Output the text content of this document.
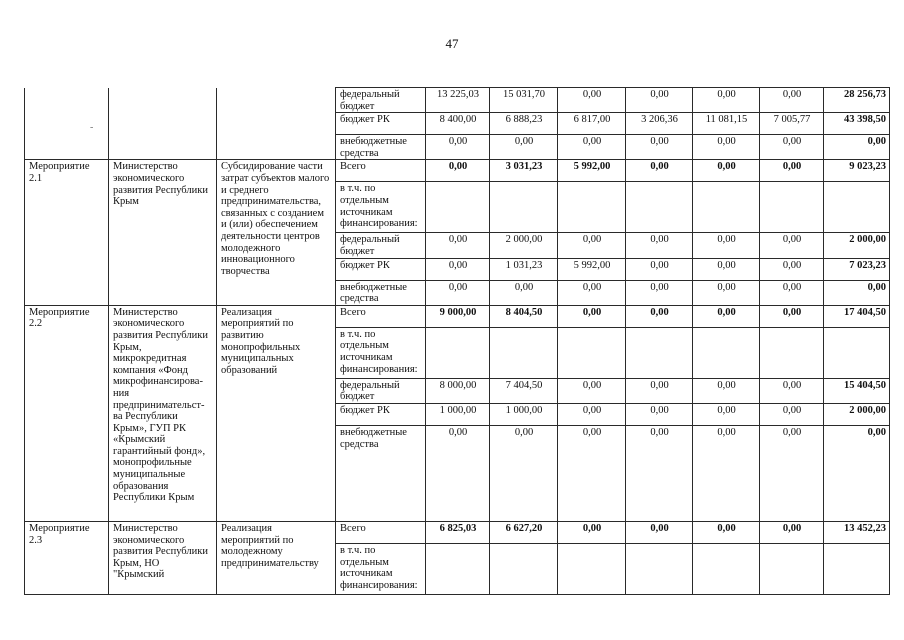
47
-
			федеральный бюджет	13 225,03	15 031,70	0,00	0,00	0,00	0,00	28 256,73
			бюджет РК	8 400,00	6 888,23	6 817,00	3 206,36	11 081,15	7 005,77	43 398,50
			внебюджетные средства	0,00	0,00	0,00	0,00	0,00	0,00	0,00
Мероприятие 2.1	Министерство экономического развития Республики Крым	Субсидирование части затрат субъектов малого и среднего предпринимательства, связанных с созданием и (или) обеспечением деятельности центров молодежного инновационного творчества	Всего	0,00	3 031,23	5 992,00	0,00	0,00	0,00	9 023,23
			в т.ч. по отдельным источникам финансирования:							
			федеральный бюджет	0,00	2 000,00	0,00	0,00	0,00	0,00	2 000,00
			бюджет РК	0,00	1 031,23	5 992,00	0,00	0,00	0,00	7 023,23
			внебюджетные средства	0,00	0,00	0,00	0,00	0,00	0,00	0,00
Мероприятие 2.2	Министерство экономического развития Республики Крым, микрокредитная компания «Фонд микрофинансирова-ния предпринимательст-ва Республики Крым», ГУП РК «Крымский гарантийный фонд», монопрофильные муниципальные образования Республики Крым	Реализация мероприятий по развитию монопрофильных муниципальных образований	Всего	9 000,00	8 404,50	0,00	0,00	0,00	0,00	17 404,50
			в т.ч. по отдельным источникам финансирования:							
			федеральный бюджет	8 000,00	7 404,50	0,00	0,00	0,00	0,00	15 404,50
			бюджет РК	1 000,00	1 000,00	0,00	0,00	0,00	0,00	2 000,00
			внебюджетные средства	0,00	0,00	0,00	0,00	0,00	0,00	0,00
Мероприятие 2.3	Министерство экономического развития Республики Крым, НО "Крымский	Реализация мероприятий по молодежному предпринимательству	Всего	6 825,03	6 627,20	0,00	0,00	0,00	0,00	13 452,23
			в т.ч. по отдельным источникам финансирования:							
